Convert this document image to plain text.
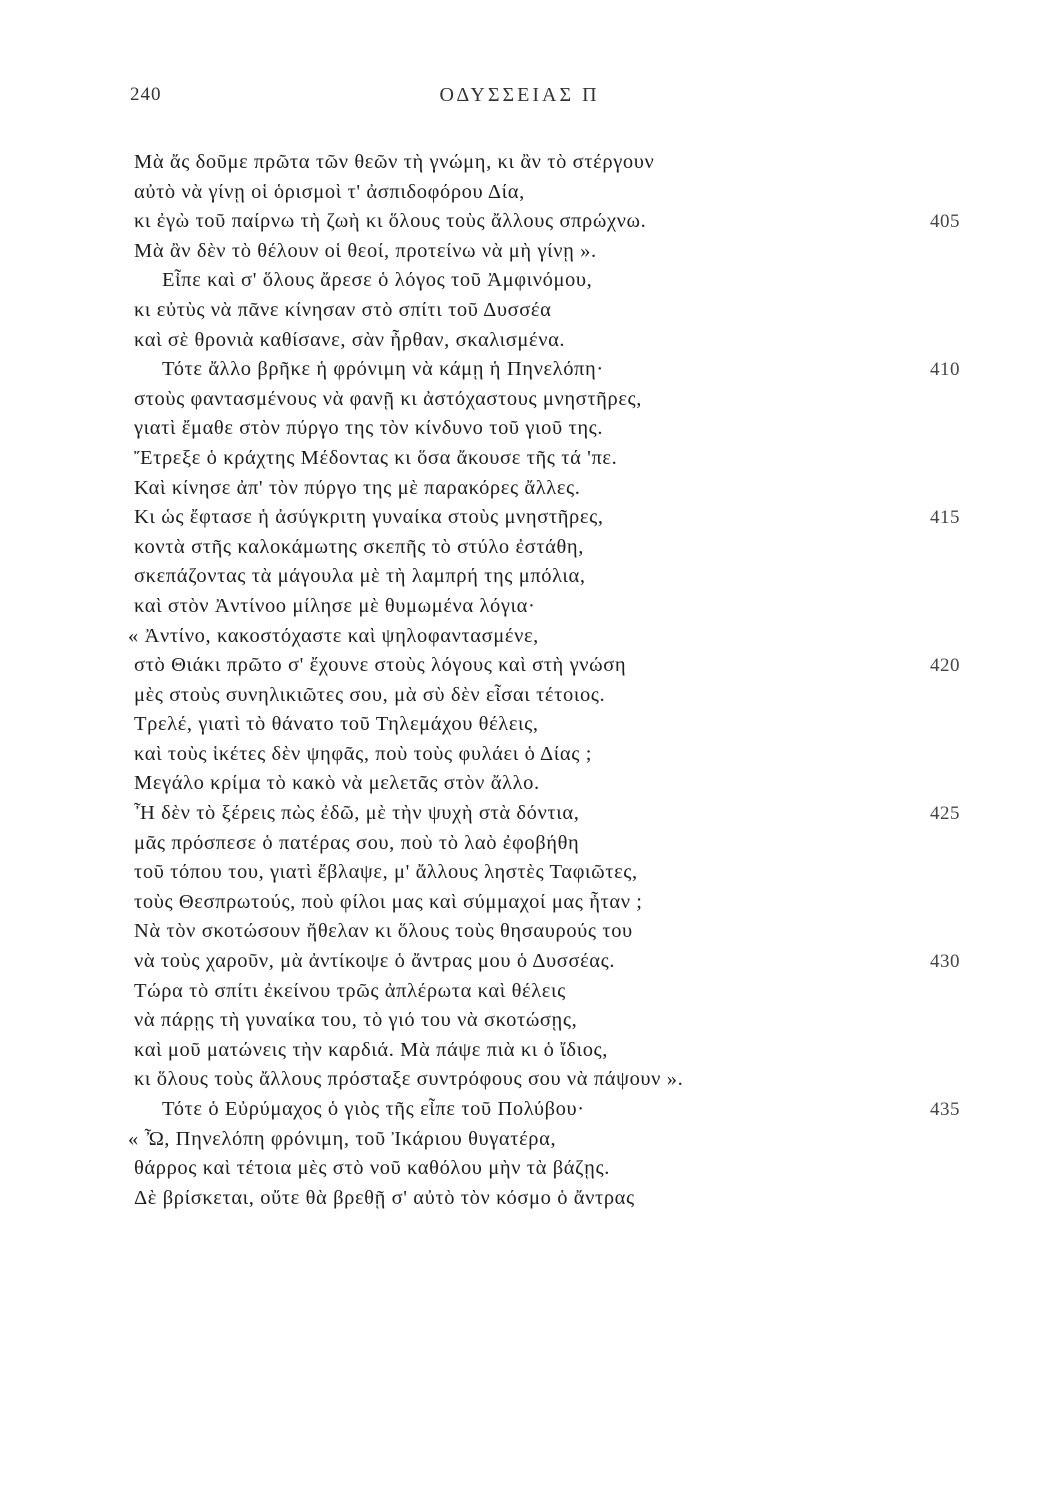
240	ΟΔΥΣΣΕΙΑΣ Π
Μὰ ἄς δοῦμε πρῶτα τῶν θεῶν τὴ γνώμη, κι ἂν τὸ στέργουν
αὐτὸ νὰ γίνῃ οἱ ὁρισμοὶ τ' ἀσπιδοφόρου Δία,
κι ἐγὼ τοῦ παίρνω τὴ ζωὴ κι ὅλους τοὺς ἄλλους σπρώχνω.	405
Μὰ ἂν δὲν τὸ θέλουν οἱ θεοί, προτείνω νὰ μὴ γίνῃ ».
Εἶπε καὶ σ' ὅλους ἄρεσε ὁ λόγος τοῦ Ἀμφινόμου,
κι εὐτὺς νὰ πᾶνε κίνησαν στὸ σπίτι τοῦ Δυσσέα
καὶ σὲ θρονιὰ καθίσανε, σὰν ἦρθαν, σκαλισμένα.
Τότε ἄλλο βρῆκε ἡ φρόνιμη νὰ κάμῃ ἡ Πηνελόπη·	410
στοὺς φαντασμένους νὰ φανῇ κι ἀστόχαστους μνηστῆρες,
γιατὶ ἔμαθε στὸν πύργο της τὸν κίνδυνο τοῦ γιοῦ της.
Ἔτρεξε ὁ κράχτης Μέδοντας κι ὅσα ἄκουσε τῆς τά 'πε.
Καὶ κίνησε ἀπ' τὸν πύργο της μὲ παρακόρες ἄλλες.
Κι ὡς ἔφτασε ἡ ἀσύγκριτη γυναίκα στοὺς μνηστῆρες,	415
κοντὰ στῆς καλοκάμωτης σκεπῆς τὸ στύλο ἐστάθη,
σκεπάζοντας τὰ μάγουλα μὲ τὴ λαμπρή της μπόλια,
καὶ στὸν Ἀντίνοο μίλησε μὲ θυμωμένα λόγια·
« Ἀντίνο, κακοστόχαστε καὶ ψηλοφαντασμένε,
στὸ Θιάκι πρῶτο σ' ἔχουνε στοὺς λόγους καὶ στὴ γνώση	420
μὲς στοὺς συνηλικιῶτες σου, μὰ σὺ δὲν εἶσαι τέτοιος.
Τρελέ, γιατὶ τὸ θάνατο τοῦ Τηλεμάχου θέλεις,
καὶ τοὺς ἱκέτες δὲν ψηφᾶς, ποὺ τοὺς φυλάει ὁ Δίας ;
Μεγάλο κρίμα τὸ κακὸ νὰ μελετᾶς στὸν ἄλλο.
Ἦ δὲν τὸ ξέρεις πὼς ἐδῶ, μὲ τὴν ψυχὴ στὰ δόντια,	425
μᾶς πρόσπεσε ὁ πατέρας σου, ποὺ τὸ λαὸ ἐφοβήθη
τοῦ τόπου του, γιατὶ ἔβλαψε, μ' ἄλλους ληστὲς Ταφιῶτες,
τοὺς Θεσπρωτούς, ποὺ φίλοι μας καὶ σύμμαχοί μας ἦταν ;
Νὰ τὸν σκοτώσουν ἤθελαν κι ὅλους τοὺς θησαυρούς του
νὰ τοὺς χαροῦν, μὰ ἀντίκοψε ὁ ἄντρας μου ὁ Δυσσέας.	430
Τώρα τὸ σπίτι ἐκείνου τρῶς ἀπλέρωτα καὶ θέλεις
νὰ πάρῃς τὴ γυναίκα του, τὸ γιό του νὰ σκοτώσῃς,
καὶ μοῦ ματώνεις τὴν καρδιά. Μὰ πάψε πιὰ κι ὁ ἴδιος,
κι ὅλους τοὺς ἄλλους πρόσταξε συντρόφους σου νὰ πάψουν ».
Τότε ὁ Εὐρύμαχος ὁ γιὸς τῆς εἶπε τοῦ Πολύβου·	435
« Ὦ, Πηνελόπη φρόνιμη, τοῦ Ἰκάριου θυγατέρα,
θάρρος καὶ τέτοια μὲς στὸ νοῦ καθόλου μὴν τὰ βάζῃς.
Δὲ βρίσκεται, οὔτε θὰ βρεθῇ σ' αὐτὸ τὸν κόσμο ὁ ἄντρας
